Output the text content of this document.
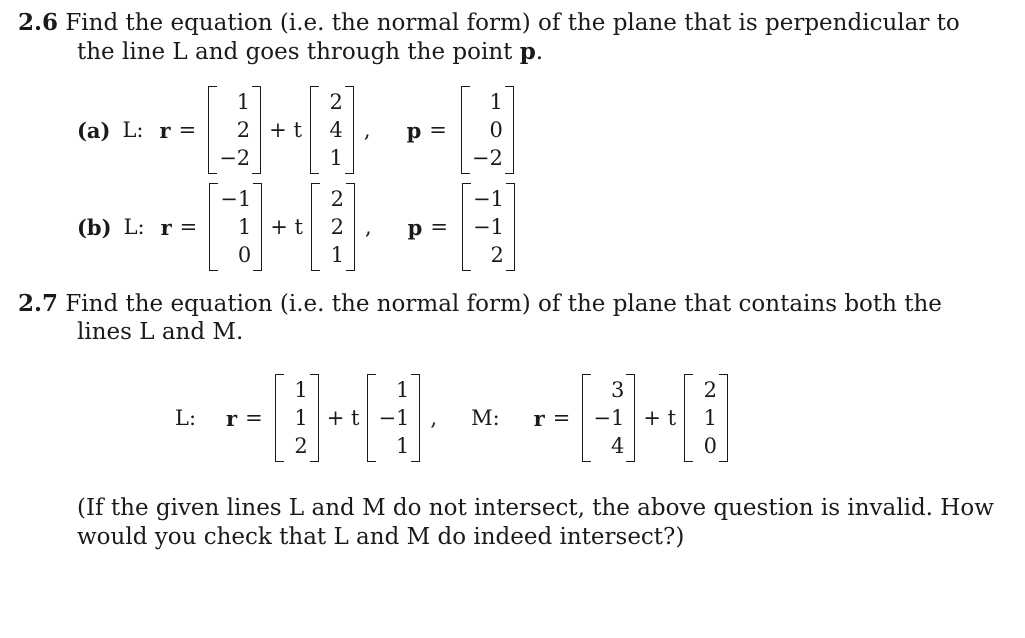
2.6 Find the equation (i.e. the normal form) of the plane that is perpendicular to
the line L and goes through the point p.
(a) L: r =
1
2
−2
+ t
2
4
1
, p =
1
0
−2
(b) L: r =
−1
1
0
+ t
2
2
1
, p =
−1
−1
2
2.7 Find the equation (i.e. the normal form) of the plane that contains both the
lines L and M.
L: r =
1
1
2
+ t
1
−1
1
, M: r =
3
−1
4
+ t
2
1
0
(If the given lines L and M do not intersect, the above question is invalid. How
would you check that L and M do indeed intersect?)
